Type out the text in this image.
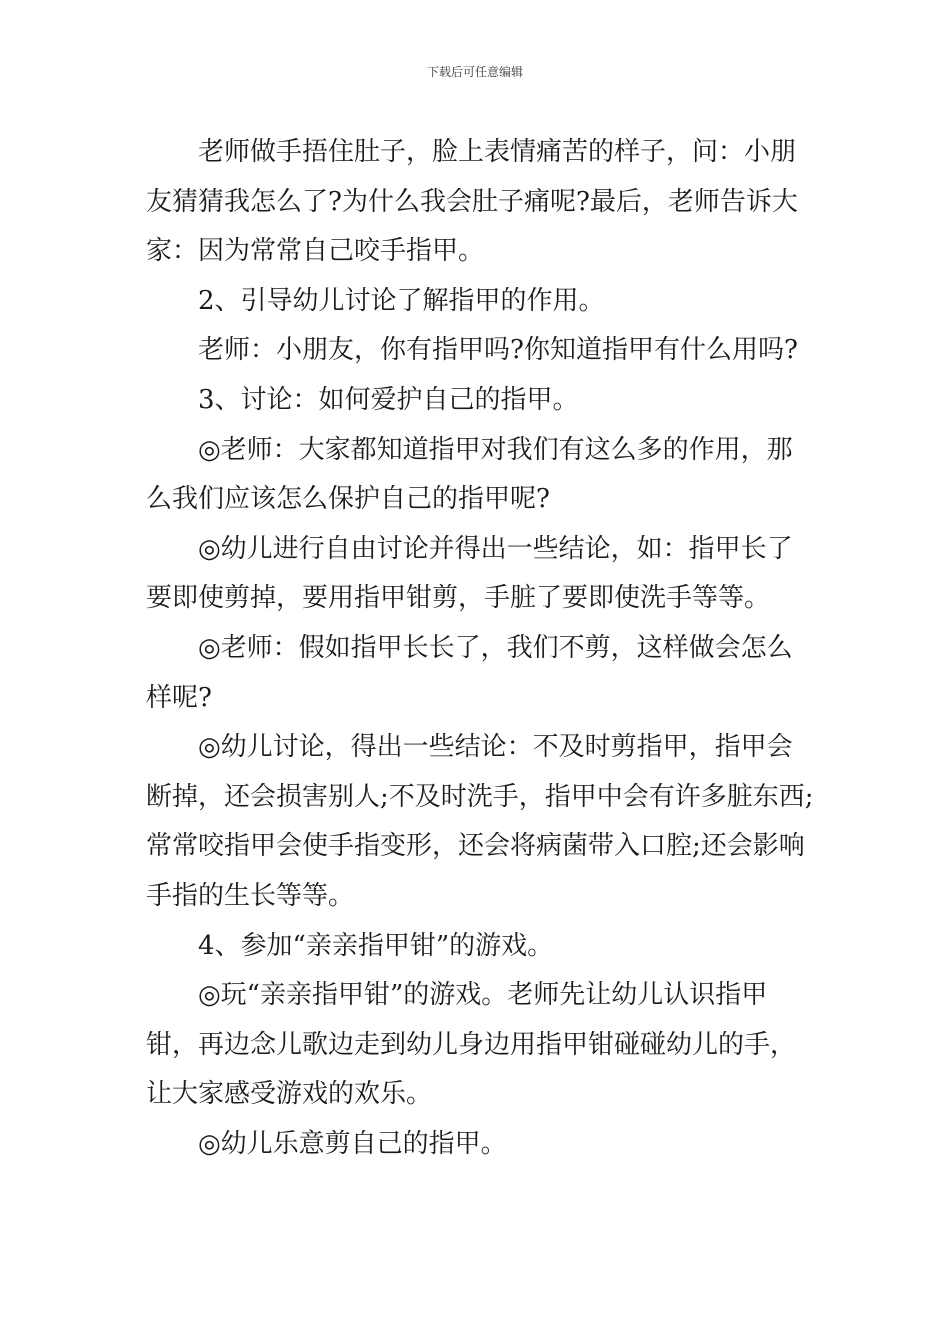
下载后可任意编辑

老师做手捂住肚子，脸上表情痛苦的样子，问：小朋友猜猜我怎么了?为什么我会肚子痛呢?最后，老师告诉大家：因为常常自己咬手指甲。

2、引导幼儿讨论了解指甲的作用。

老师：小朋友，你有指甲吗?你知道指甲有什么用吗?

3、讨论：如何爱护自己的指甲。

◎老师：大家都知道指甲对我们有这么多的作用，那么我们应该怎么保护自己的指甲呢?

◎幼儿进行自由讨论并得出一些结论，如：指甲长了要即使剪掉，要用指甲钳剪，手脏了要即使洗手等等。

◎老师：假如指甲长长了，我们不剪，这样做会怎么样呢?

◎幼儿讨论，得出一些结论：不及时剪指甲，指甲会断掉，还会损害别人;不及时洗手，指甲中会有许多脏东西;常常咬指甲会使手指变形，还会将病菌带入口腔;还会影响手指的生长等等。

4、参加“亲亲指甲钳”的游戏。

◎玩“亲亲指甲钳”的游戏。老师先让幼儿认识指甲钳，再边念儿歌边走到幼儿身边用指甲钳碰碰幼儿的手，让大家感受游戏的欢乐。

◎幼儿乐意剪自己的指甲。
